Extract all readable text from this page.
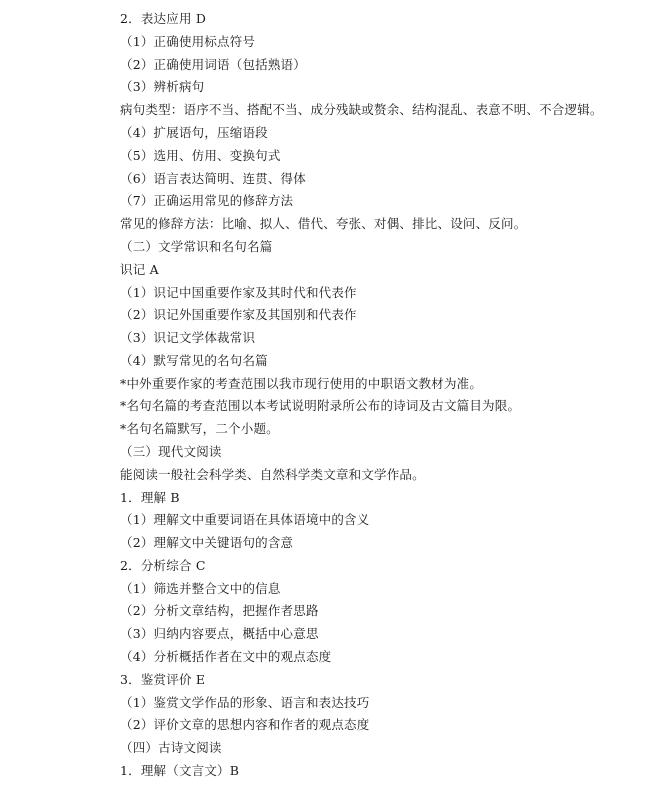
2．表达应用 D
（1）正确使用标点符号
（2）正确使用词语（包括熟语）
（3）辨析病句
病句类型：语序不当、搭配不当、成分残缺或赘余、结构混乱、表意不明、不合逻辑。
（4）扩展语句，压缩语段
（5）选用、仿用、变换句式
（6）语言表达简明、连贯、得体
（7）正确运用常见的修辞方法
常见的修辞方法：比喻、拟人、借代、夸张、对偶、排比、设问、反问。
（二）文学常识和名句名篇
识记 A
（1）识记中国重要作家及其时代和代表作
（2）识记外国重要作家及其国别和代表作
（3）识记文学体裁常识
（4）默写常见的名句名篇
*中外重要作家的考查范围以我市现行使用的中职语文教材为准。
*名句名篇的考查范围以本考试说明附录所公布的诗词及古文篇目为限。
*名句名篇默写，二个小题。
（三）现代文阅读
能阅读一般社会科学类、自然科学类文章和文学作品。
1．理解 B
（1）理解文中重要词语在具体语境中的含义
（2）理解文中关键语句的含意
2．分析综合 C
（1）筛选并整合文中的信息
（2）分析文章结构，把握作者思路
（3）归纳内容要点，概括中心意思
（4）分析概括作者在文中的观点态度
3．鉴赏评价 E
（1）鉴赏文学作品的形象、语言和表达技巧
（2）评价文章的思想内容和作者的观点态度
（四）古诗文阅读
1．理解（文言文）B
